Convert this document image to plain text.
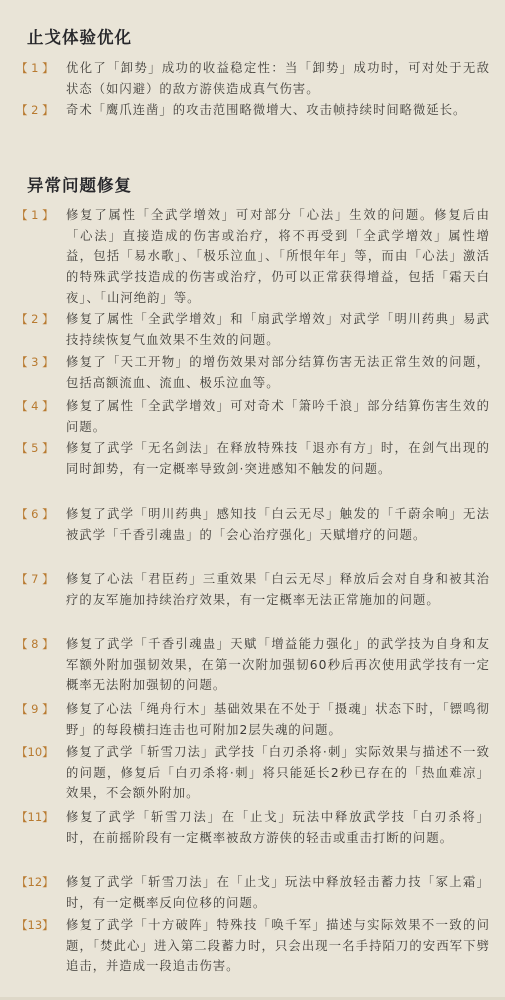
止戈体验优化
【 1 】	优化了「卸势」成功的收益稳定性：当「卸势」成功时，可对处于无敌状态（如闪避）的敌方游侠造成真气伤害。
【 2 】	奇术「鹰爪连凿」的攻击范围略微增大、攻击帧持续时间略微延长。
异常问题修复
【 1 】	修复了属性「全武学增效」可对部分「心法」生效的问题。修复后由「心法」直接造成的伤害或治疗，将不再受到「全武学增效」属性增益，包括「易水歌」、「极乐泣血」、「所恨年年」等，而由「心法」激活的特殊武学技造成的伤害或治疗，仍可以正常获得增益，包括「霜天白夜」、「山河绝韵」等。
【 2 】	修复了属性「全武学增效」和「扇武学增效」对武学「明川药典」易武技持续恢复气血效果不生效的问题。
【 3 】	修复了「天工开物」的增伤效果对部分结算伤害无法正常生效的问题，包括高额流血、流血、极乐泣血等。
【 4 】	修复了属性「全武学增效」可对奇术「箫吟千浪」部分结算伤害生效的问题。
【 5 】	修复了武学「无名剑法」在释放特殊技「退亦有方」时，在剑气出现的同时卸势，有一定概率导致剑·突进感知不触发的问题。
【 6 】	修复了武学「明川药典」感知技「白云无尽」触发的「千蔚余响」无法被武学「千香引魂蛊」的「会心治疗强化」天赋增疗的问题。
【 7 】	修复了心法「君臣药」三重效果「白云无尽」释放后会对自身和被其治疗的友军施加持续治疗效果，有一定概率无法正常施加的问题。
【 8 】	修复了武学「千香引魂蛊」天赋「增益能力强化」的武学技为自身和友军额外附加强韧效果，在第一次附加强韧60秒后再次使用武学技有一定概率无法附加强韧的问题。
【 9 】	修复了心法「绳舟行木」基础效果在不处于「摄魂」状态下时，「镖鸣彻野」的每段横扫连击也可附加2层失魂的问题。
【10】	修复了武学「斩雪刀法」武学技「白刃杀将·刺」实际效果与描述不一致的问题，修复后「白刃杀将·刺」将只能延长2秒已存在的「热血难凉」效果，不会额外附加。
【11】	修复了武学「斩雪刀法」在「止戈」玩法中释放武学技「白刃杀将」时，在前摇阶段有一定概率被敌方游侠的轻击或重击打断的问题。
【12】	修复了武学「斩雪刀法」在「止戈」玩法中释放轻击蓄力技「冢上霜」时，有一定概率反向位移的问题。
【13】	修复了武学「十方破阵」特殊技「唤千军」描述与实际效果不一致的问题，「焚此心」进入第二段蓄力时，只会出现一名手持陌刀的安西军下劈追击，并造成一段追击伤害。
